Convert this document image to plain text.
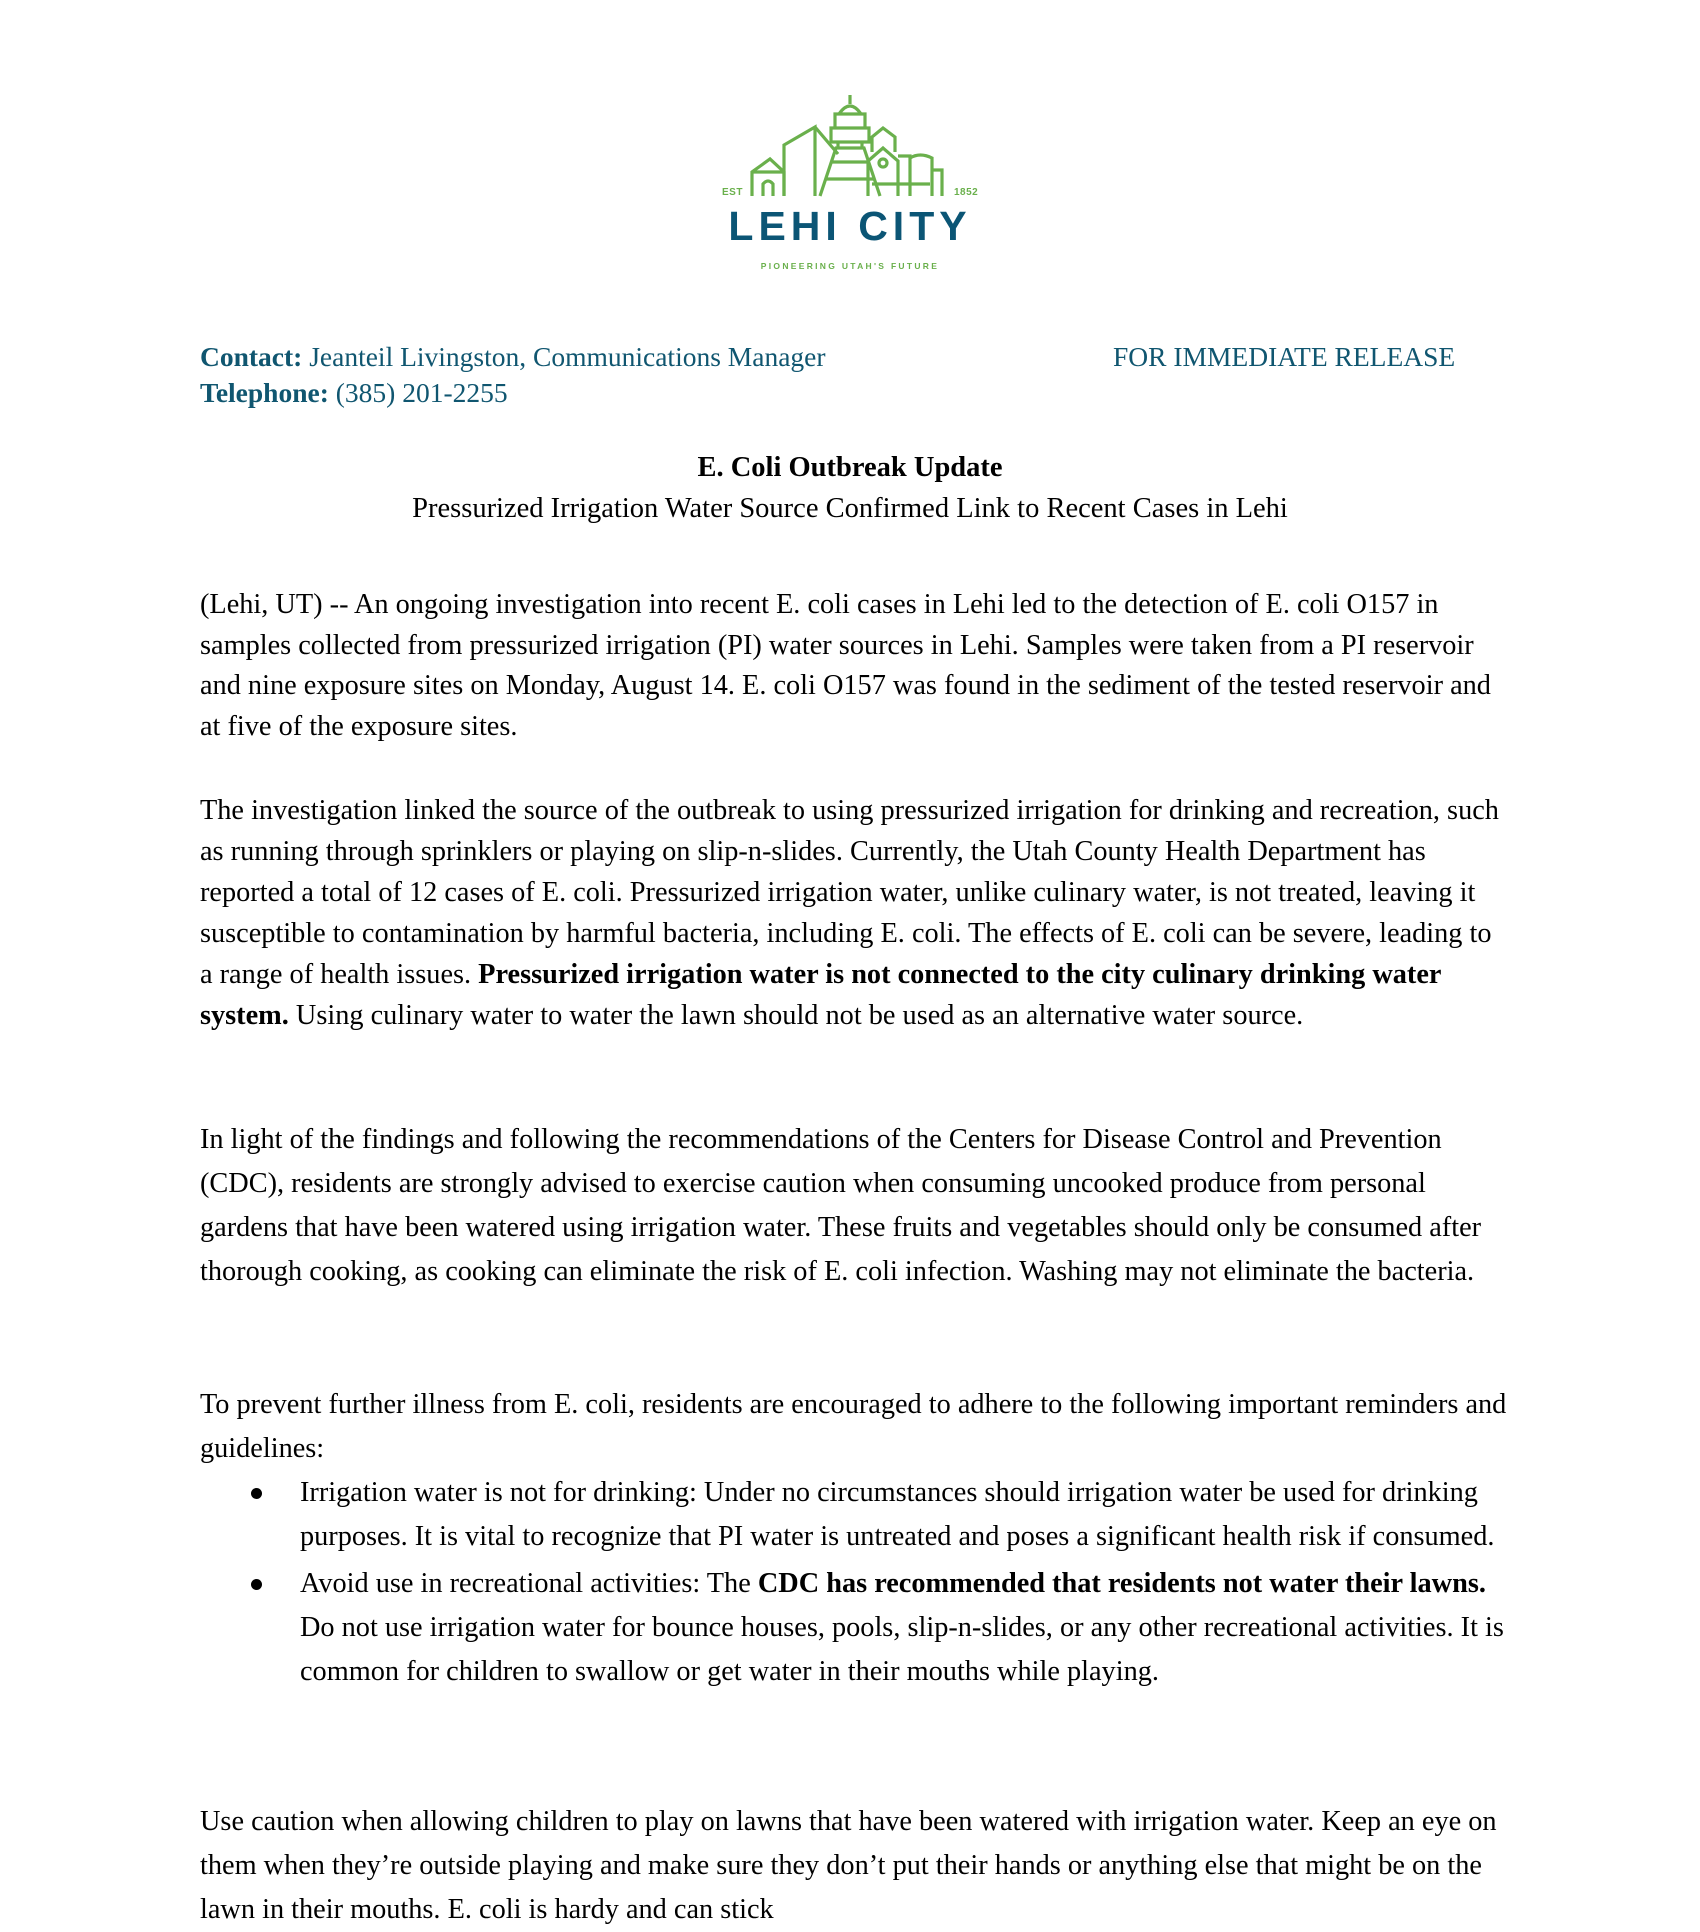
EST	1852
LEHI CITY
PIONEERING UTAH'S FUTURE
Contact: Jeanteil Livingston, Communications Manager
Telephone: (385) 201-2255
FOR IMMEDIATE RELEASE
E. Coli Outbreak Update
Pressurized Irrigation Water Source Confirmed Link to Recent Cases in Lehi
(Lehi, UT) -- An ongoing investigation into recent E. coli cases in Lehi led to the detection of E. coli O157 in samples collected from pressurized irrigation (PI) water sources in Lehi. Samples were taken from a PI reservoir and nine exposure sites on Monday, August 14. E. coli O157 was found in the sediment of the tested reservoir and at five of the exposure sites.
The investigation linked the source of the outbreak to using pressurized irrigation for drinking and recreation, such as running through sprinklers or playing on slip-n-slides. Currently, the Utah County Health Department has reported a total of 12 cases of E. coli. Pressurized irrigation water, unlike culinary water, is not treated, leaving it susceptible to contamination by harmful bacteria, including E. coli. The effects of E. coli can be severe, leading to a range of health issues. Pressurized irrigation water is not connected to the city culinary drinking water system. Using culinary water to water the lawn should not be used as an alternative water source.
In light of the findings and following the recommendations of the Centers for Disease Control and Prevention (CDC), residents are strongly advised to exercise caution when consuming uncooked produce from personal gardens that have been watered using irrigation water. These fruits and vegetables should only be consumed after thorough cooking, as cooking can eliminate the risk of E. coli infection. Washing may not eliminate the bacteria.
To prevent further illness from E. coli, residents are encouraged to adhere to the following important reminders and guidelines:
Irrigation water is not for drinking: Under no circumstances should irrigation water be used for drinking purposes. It is vital to recognize that PI water is untreated and poses a significant health risk if consumed.
Avoid use in recreational activities: The CDC has recommended that residents not water their lawns. Do not use irrigation water for bounce houses, pools, slip-n-slides, or any other recreational activities. It is common for children to swallow or get water in their mouths while playing.
Use caution when allowing children to play on lawns that have been watered with irrigation water. Keep an eye on them when they’re outside playing and make sure they don’t put their hands or anything else that might be on the lawn in their mouths. E. coli is hardy and can stick
